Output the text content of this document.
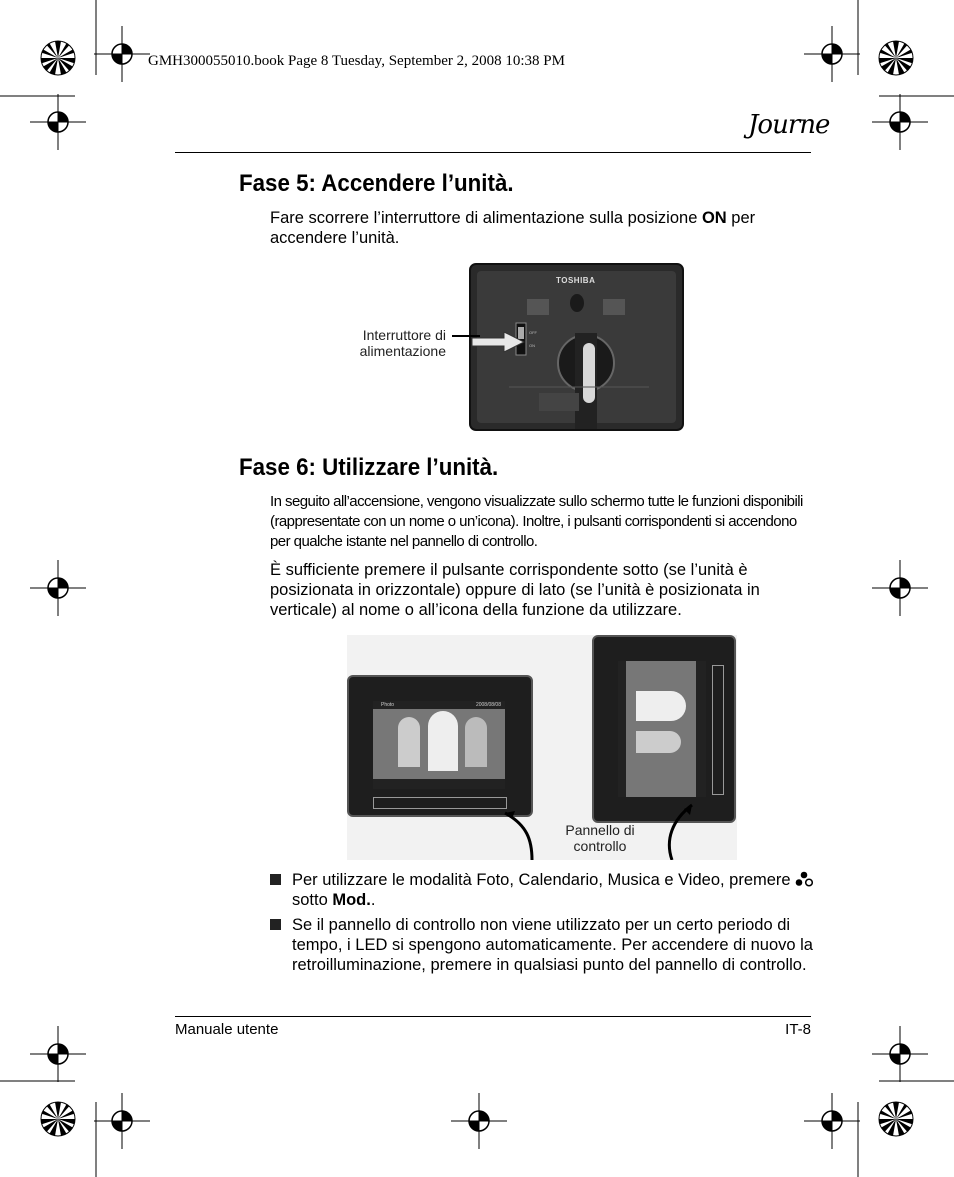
GMH300055010.book Page 8 Tuesday, September 2, 2008 10:38 PM
Journe
Fase 5: Accendere l’unità.
Fare scorrere l’interruttore di alimentazione sulla posizione ON per accendere l’unità.
TOSHIBA
OFF
ON
Interruttore di
alimentazione
Fase 6: Utilizzare l’unità.
In seguito all’accensione, vengono visualizzate sullo schermo tutte le funzioni disponibili (rappresentate con un nome o un’icona). Inoltre, i pulsanti corrispondenti si accendono per qualche istante nel pannello di controllo.
È sufficiente premere il pulsante corrispondente sotto (se l’unità è posizionata in orizzontale) oppure di lato (se l’unità è posizionata in verticale) al nome o all’icona della funzione da utilizzare.
Photo	2008/08/08
Pannello di
controllo
Per utilizzare le modalità Foto, Calendario, Musica e Video, premere  sotto Mod..
Se il pannello di controllo non viene utilizzato per un certo periodo di tempo, i LED si spengono automaticamente. Per accendere di nuovo la retroilluminazione, premere in qualsiasi punto del pannello di controllo.
Manuale utente	IT-8
